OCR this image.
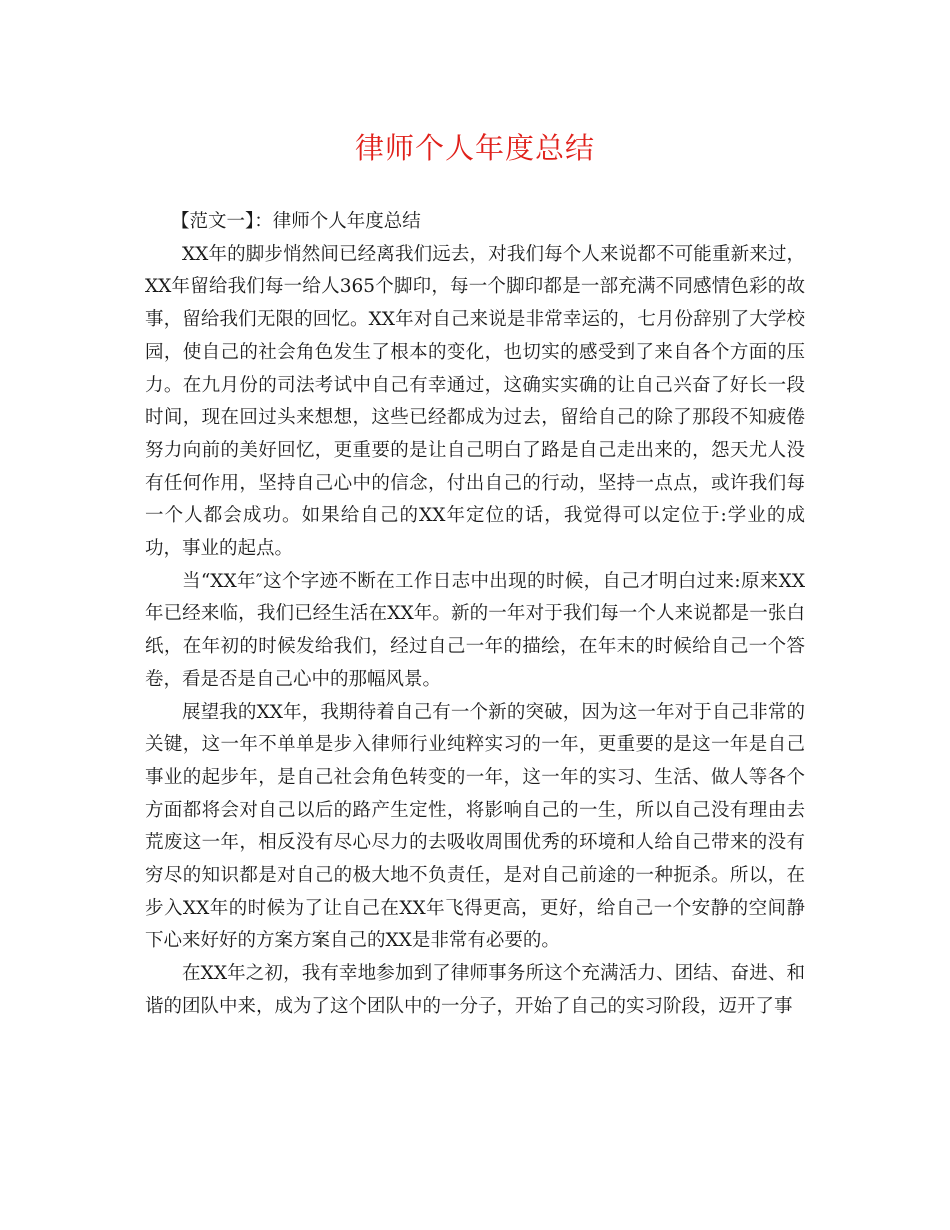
律师个人年度总结

【范文一】：律师个人年度总结

XX年的脚步悄然间已经离我们远去，对我们每个人来说都不可能重新来过，XX年留给我们每一给人365个脚印，每一个脚印都是一部充满不同感情色彩的故事，留给我们无限的回忆。XX年对自己来说是非常幸运的，七月份辞别了大学校园，使自己的社会角色发生了根本的变化，也切实的感受到了来自各个方面的压力。在九月份的司法考试中自己有幸通过，这确实实确的让自己兴奋了好长一段时间，现在回过头来想想，这些已经都成为过去，留给自己的除了那段不知疲倦努力向前的美好回忆，更重要的是让自己明白了路是自己走出来的，怨天尤人没有任何作用，坚持自己心中的信念，付出自己的行动，坚持一点点，或许我们每一个人都会成功。如果给自己的XX年定位的话，我觉得可以定位于:学业的成功，事业的起点。

当“XX年″这个字迹不断在工作日志中出现的时候，自己才明白过来:原来XX年已经来临，我们已经生活在XX年。新的一年对于我们每一个人来说都是一张白纸，在年初的时候发给我们，经过自己一年的描绘，在年末的时候给自己一个答卷，看是否是自己心中的那幅风景。

展望我的XX年，我期待着自己有一个新的突破，因为这一年对于自己非常的关键，这一年不单单是步入律师行业纯粹实习的一年，更重要的是这一年是自己事业的起步年，是自己社会角色转变的一年，这一年的实习、生活、做人等各个方面都将会对自己以后的路产生定性，将影响自己的一生，所以自己没有理由去荒废这一年，相反没有尽心尽力的去吸收周围优秀的环境和人给自己带来的没有穷尽的知识都是对自己的极大地不负责任，是对自己前途的一种扼杀。所以，在步入XX年的时候为了让自己在XX年飞得更高，更好，给自己一个安静的空间静下心来好好的方案方案自己的XX是非常有必要的。

在XX年之初，我有幸地参加到了律师事务所这个充满活力、团结、奋进、和谐的团队中来，成为了这个团队中的一分子，开始了自己的实习阶段，迈开了事
